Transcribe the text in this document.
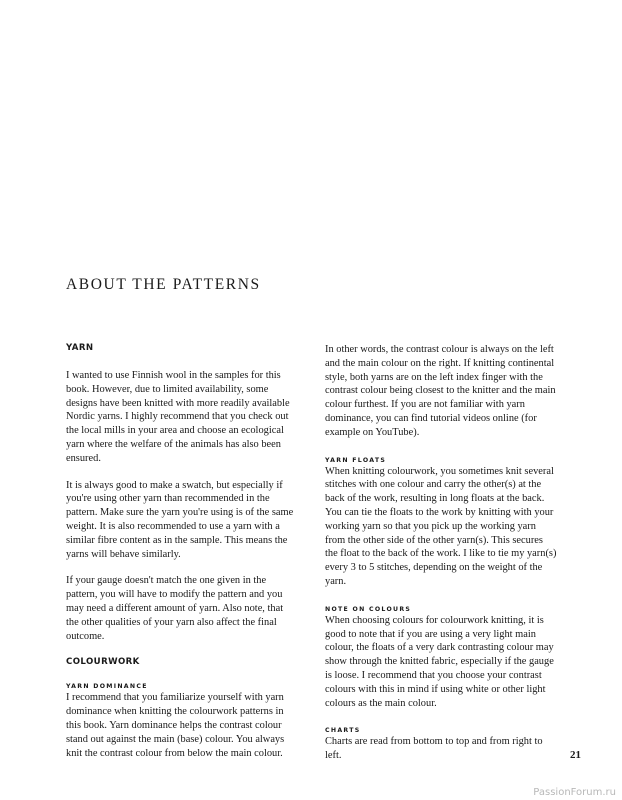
ABOUT THE PATTERNS
YARN

I wanted to use Finnish wool in the samples for this book. However, due to limited availability, some designs have been knitted with more readily available Nordic yarns. I highly recommend that you check out the local mills in your area and choose an ecological yarn where the welfare of the animals has also been ensured.

It is always good to make a swatch, but especially if you're using other yarn than recommended in the pattern. Make sure the yarn you're using is of the same weight. It is also recommended to use a yarn with a similar fibre content as in the sample. This means the yarns will behave similarly.

If your gauge doesn't match the one given in the pattern, you will have to modify the pattern and you may need a different amount of yarn. Also note, that the other qualities of your yarn also affect the final outcome.

COLOURWORK
YARN DOMINANCE

I recommend that you familiarize yourself with yarn dominance when knitting the colourwork patterns in this book. Yarn dominance helps the contrast colour stand out against the main (base) colour. You always knit the contrast colour from below the main colour.

In other words, the contrast colour is always on the left and the main colour on the right. If knitting continental style, both yarns are on the left index finger with the contrast colour being closest to the knitter and the main colour furthest. If you are not familiar with yarn dominance, you can find tutorial videos online (for example on YouTube).

YARN FLOATS

When knitting colourwork, you sometimes knit several stitches with one colour and carry the other(s) at the back of the work, resulting in long floats at the back. You can tie the floats to the work by knitting with your working yarn so that you pick up the working yarn from the other side of the other yarn(s). This secures the float to the back of the work. I like to tie my yarn(s) every 3 to 5 stitches, depending on the weight of the yarn.

NOTE ON COLOURS

When choosing colours for colourwork knitting, it is good to note that if you are using a very light main colour, the floats of a very dark contrasting colour may show through the knitted fabric, especially if the gauge is loose. I recommend that you choose your contrast colours with this in mind if using white or other light colours as the main colour.

CHARTS

Charts are read from bottom to top and from right to left.	21
PassionForum.ru
